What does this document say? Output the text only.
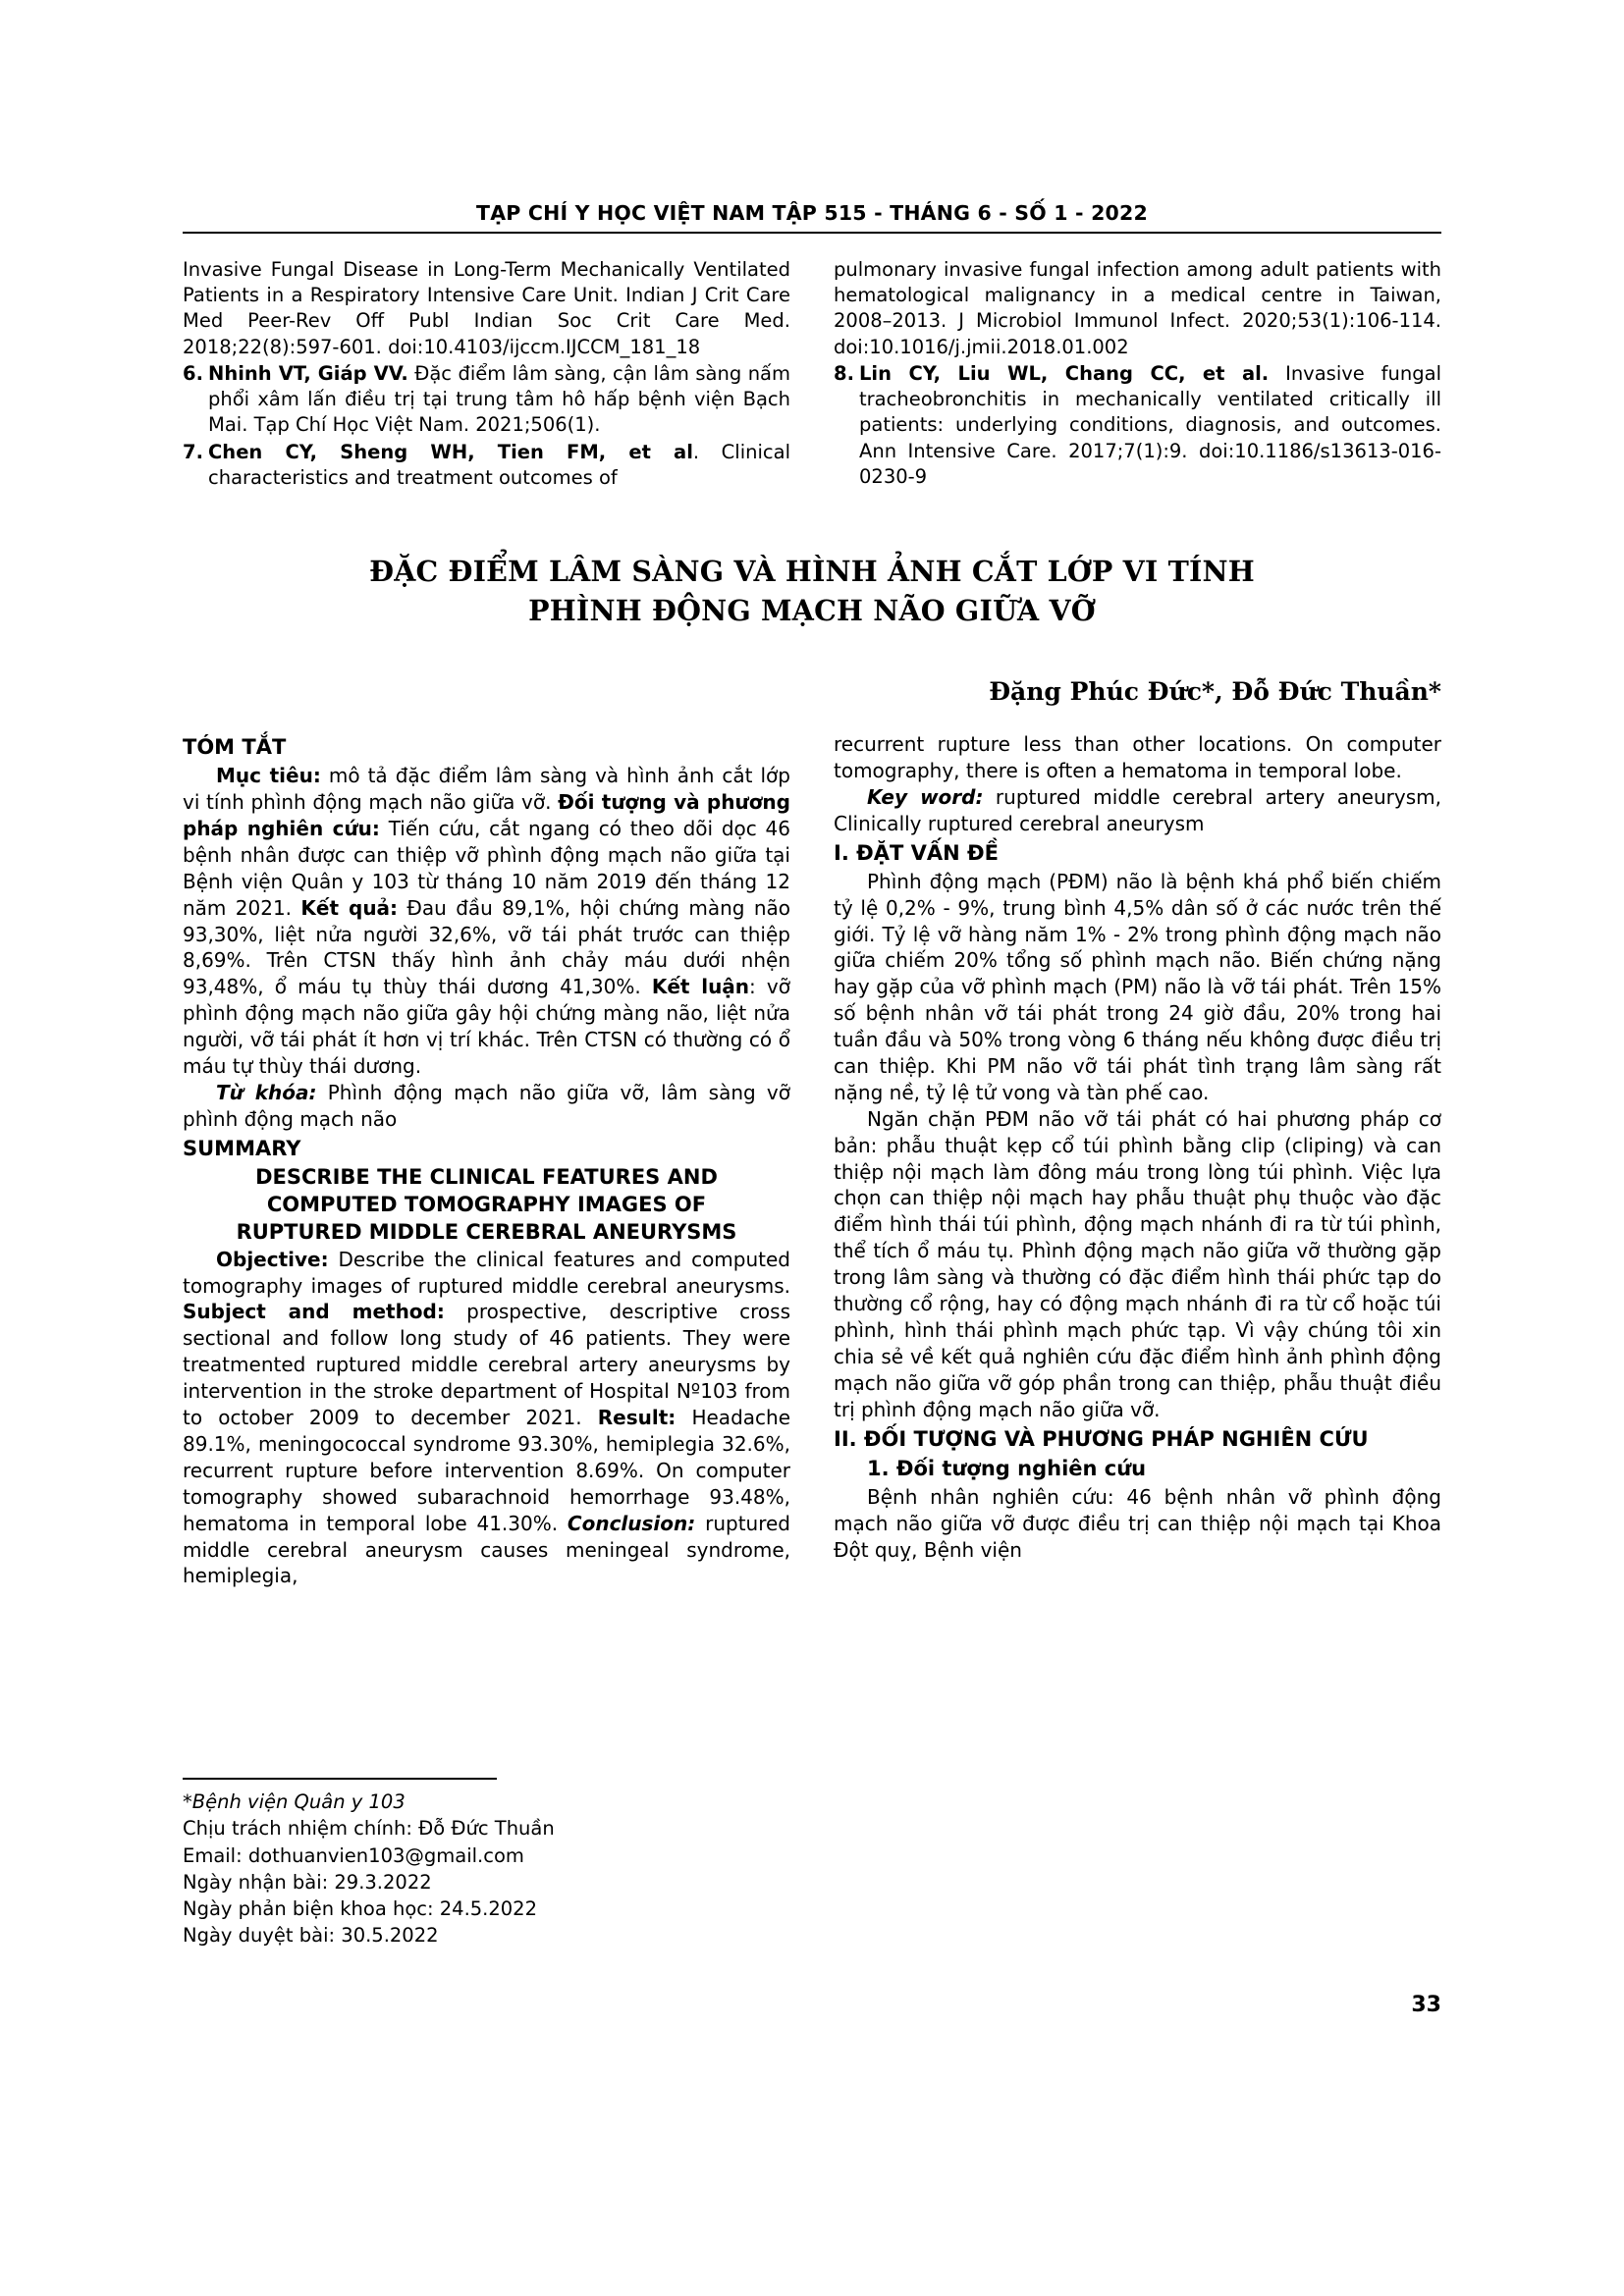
TẠP CHÍ Y HỌC VIỆT NAM TẬP 515 - THÁNG 6 - SỐ 1 - 2022
Invasive Fungal Disease in Long-Term Mechanically Ventilated Patients in a Respiratory Intensive Care Unit. Indian J Crit Care Med Peer-Rev Off Publ Indian Soc Crit Care Med. 2018;22(8):597-601. doi:10.4103/ijccm.IJCCM_181_18
6. Nhinh VT, Giáp VV. Đặc điểm lâm sàng, cận lâm sàng nấm phổi xâm lấn điều trị tại trung tâm hô hấp bệnh viện Bạch Mai. Tạp Chí Học Việt Nam. 2021;506(1).
7. Chen CY, Sheng WH, Tien FM, et al. Clinical characteristics and treatment outcomes of
pulmonary invasive fungal infection among adult patients with hematological malignancy in a medical centre in Taiwan, 2008–2013. J Microbiol Immunol Infect. 2020;53(1):106-114. doi:10.1016/j.jmii.2018.01.002
8. Lin CY, Liu WL, Chang CC, et al. Invasive fungal tracheobronchitis in mechanically ventilated critically ill patients: underlying conditions, diagnosis, and outcomes. Ann Intensive Care. 2017;7(1):9. doi:10.1186/s13613-016-0230-9
ĐẶC ĐIỂM LÂM SÀNG VÀ HÌNH ẢNH CẮT LỚP VI TÍNH
PHÌNH ĐỘNG MẠCH NÃO GIỮA VỠ
Đặng Phúc Đức*, Đỗ Đức Thuần*
TÓM TẮT

Mục tiêu: mô tả đặc điểm lâm sàng và hình ảnh cắt lớp vi tính phình động mạch não giữa vỡ. Đối tượng và phương pháp nghiên cứu: Tiến cứu, cắt ngang có theo dõi dọc 46 bệnh nhân được can thiệp vỡ phình động mạch não giữa tại Bệnh viện Quân y 103 từ tháng 10 năm 2019 đến tháng 12 năm 2021. Kết quả: Đau đầu 89,1%, hội chứng màng não 93,30%, liệt nửa người 32,6%, vỡ tái phát trước can thiệp 8,69%. Trên CTSN thấy hình ảnh chảy máu dưới nhện 93,48%, ổ máu tụ thùy thái dương 41,30%. Kết luận: vỡ phình động mạch não giữa gây hội chứng màng não, liệt nửa người, vỡ tái phát ít hơn vị trí khác. Trên CTSN có thường có ổ máu tự thùy thái dương.

Từ khóa: Phình động mạch não giữa vỡ, lâm sàng vỡ phình động mạch não

SUMMARY
DESCRIBE THE CLINICAL FEATURES AND
COMPUTED TOMOGRAPHY IMAGES OF
RUPTURED MIDDLE CEREBRAL ANEURYSMS

Objective: Describe the clinical features and computed tomography images of ruptured middle cerebral aneurysms. Subject and method: prospective, descriptive cross sectional and follow long study of 46 patients. They were treatmented ruptured middle cerebral artery aneurysms by intervention in the stroke department of Hospital Nº103 from to october 2009 to december 2021. Result: Headache 89.1%, meningococcal syndrome 93.30%, hemiplegia 32.6%, recurrent rupture before intervention 8.69%. On computer tomography showed subarachnoid hemorrhage 93.48%, hematoma in temporal lobe 41.30%. Conclusion: ruptured middle cerebral aneurysm causes meningeal syndrome, hemiplegia,

*Bệnh viện Quân y 103
Chịu trách nhiệm chính: Đỗ Đức Thuần
Email: dothuanvien103@gmail.com
Ngày nhận bài: 29.3.2022
Ngày phản biện khoa học: 24.5.2022
Ngày duyệt bài: 30.5.2022

recurrent rupture less than other locations. On computer tomography, there is often a hematoma in temporal lobe.

Key word: ruptured middle cerebral artery aneurysm, Clinically ruptured cerebral aneurysm

I. ĐẶT VẤN ĐỀ

Phình động mạch (PĐM) não là bệnh khá phổ biến chiếm tỷ lệ 0,2% - 9%, trung bình 4,5% dân số ở các nước trên thế giới. Tỷ lệ vỡ hàng năm 1% - 2% trong phình động mạch não giữa chiếm 20% tổng số phình mạch não. Biến chứng nặng hay gặp của vỡ phình mạch (PM) não là vỡ tái phát. Trên 15% số bệnh nhân vỡ tái phát trong 24 giờ đầu, 20% trong hai tuần đầu và 50% trong vòng 6 tháng nếu không được điều trị can thiệp. Khi PM não vỡ tái phát tình trạng lâm sàng rất nặng nề, tỷ lệ tử vong và tàn phế cao.

Ngăn chặn PĐM não vỡ tái phát có hai phương pháp cơ bản: phẫu thuật kẹp cổ túi phình bằng clip (cliping) và can thiệp nội mạch làm đông máu trong lòng túi phình. Việc lựa chọn can thiệp nội mạch hay phẫu thuật phụ thuộc vào đặc điểm hình thái túi phình, động mạch nhánh đi ra từ túi phình, thể tích ổ máu tụ. Phình động mạch não giữa vỡ thường gặp trong lâm sàng và thường có đặc điểm hình thái phức tạp do thường cổ rộng, hay có động mạch nhánh đi ra từ cổ hoặc túi phình, hình thái phình mạch phức tạp. Vì vậy chúng tôi xin chia sẻ về kết quả nghiên cứu đặc điểm hình ảnh phình động mạch não giữa vỡ góp phần trong can thiệp, phẫu thuật điều trị phình động mạch não giữa vỡ.

II. ĐỐI TƯỢNG VÀ PHƯƠNG PHÁP NGHIÊN CỨU
1. Đối tượng nghiên cứu

Bệnh nhân nghiên cứu: 46 bệnh nhân vỡ phình động mạch não giữa vỡ được điều trị can thiệp nội mạch tại Khoa Đột quỵ, Bệnh viện

33
